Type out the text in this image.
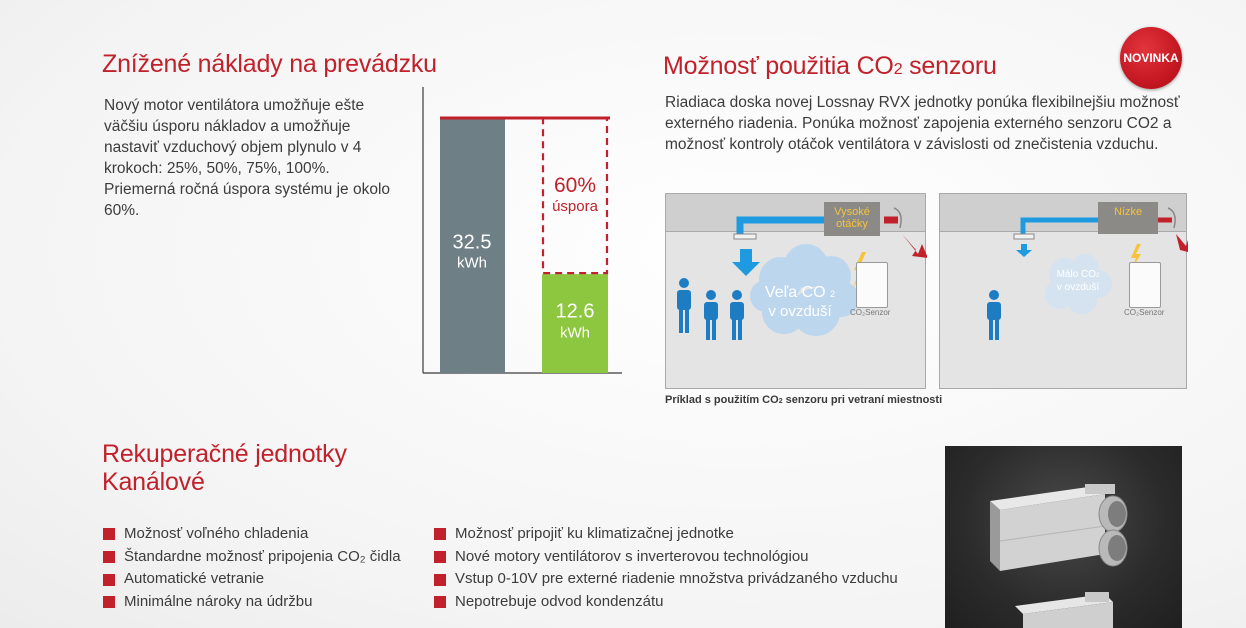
Znížené náklady na prevádzku
Nový motor ventilátora umožňuje ešte väčšiu úsporu nákladov a umožňuje nastaviť vzduchový objem plynulo v 4 krokoch: 25%, 50%, 75%, 100%. Priemerná ročná úspora systému je okolo 60%.
32.5
kWh
12.6
kWh
60%
úspora
Možnosť použitia CO2 senzoru	NOVINKA
Riadiaca doska novej Lossnay RVX jednotky ponúka flexibilnejšiu možnosť externého riadenia. Ponúka možnosť zapojenia externého senzoru CO2 a možnosť kontroly otáčok ventilátora v závislosti od znečistenia vzduchu.
Vysoké otáčky
Veľa CO 2
v ovzduší	CO₂Senzor
Nízke
Málo CO2
v ovzduší
CO₂Senzor
Príklad s použitím CO2 senzoru pri vetraní miestnosti
Rekuperačné jednotky
Kanálové
Možnosť voľného chladenia
Štandardne možnosť pripojenia CO₂ čidla
Automatické vetranie
Minimálne nároky na údržbu
Možnosť pripojiť ku klimatizačnej jednotke
Nové motory ventilátorov s inverterovou technológiou
Vstup 0-10V pre externé riadenie množstva privádzaného vzduchu
Nepotrebuje odvod kondenzátu
